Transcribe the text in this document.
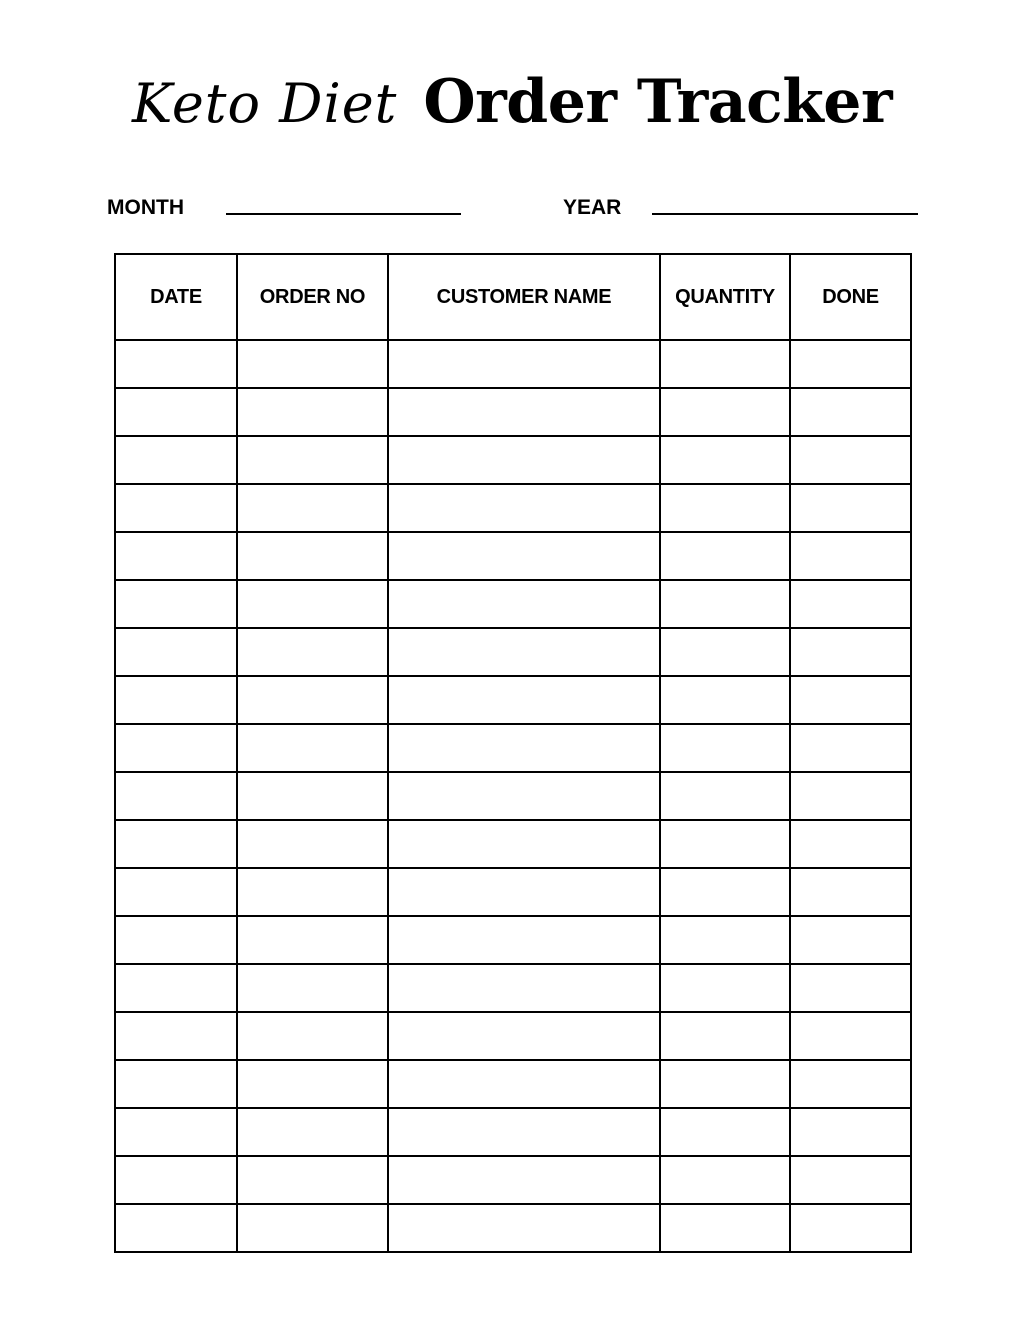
Keto Diet Order Tracker
MONTH	YEAR
DATE	ORDER NO	CUSTOMER NAME	QUANTITY	DONE
